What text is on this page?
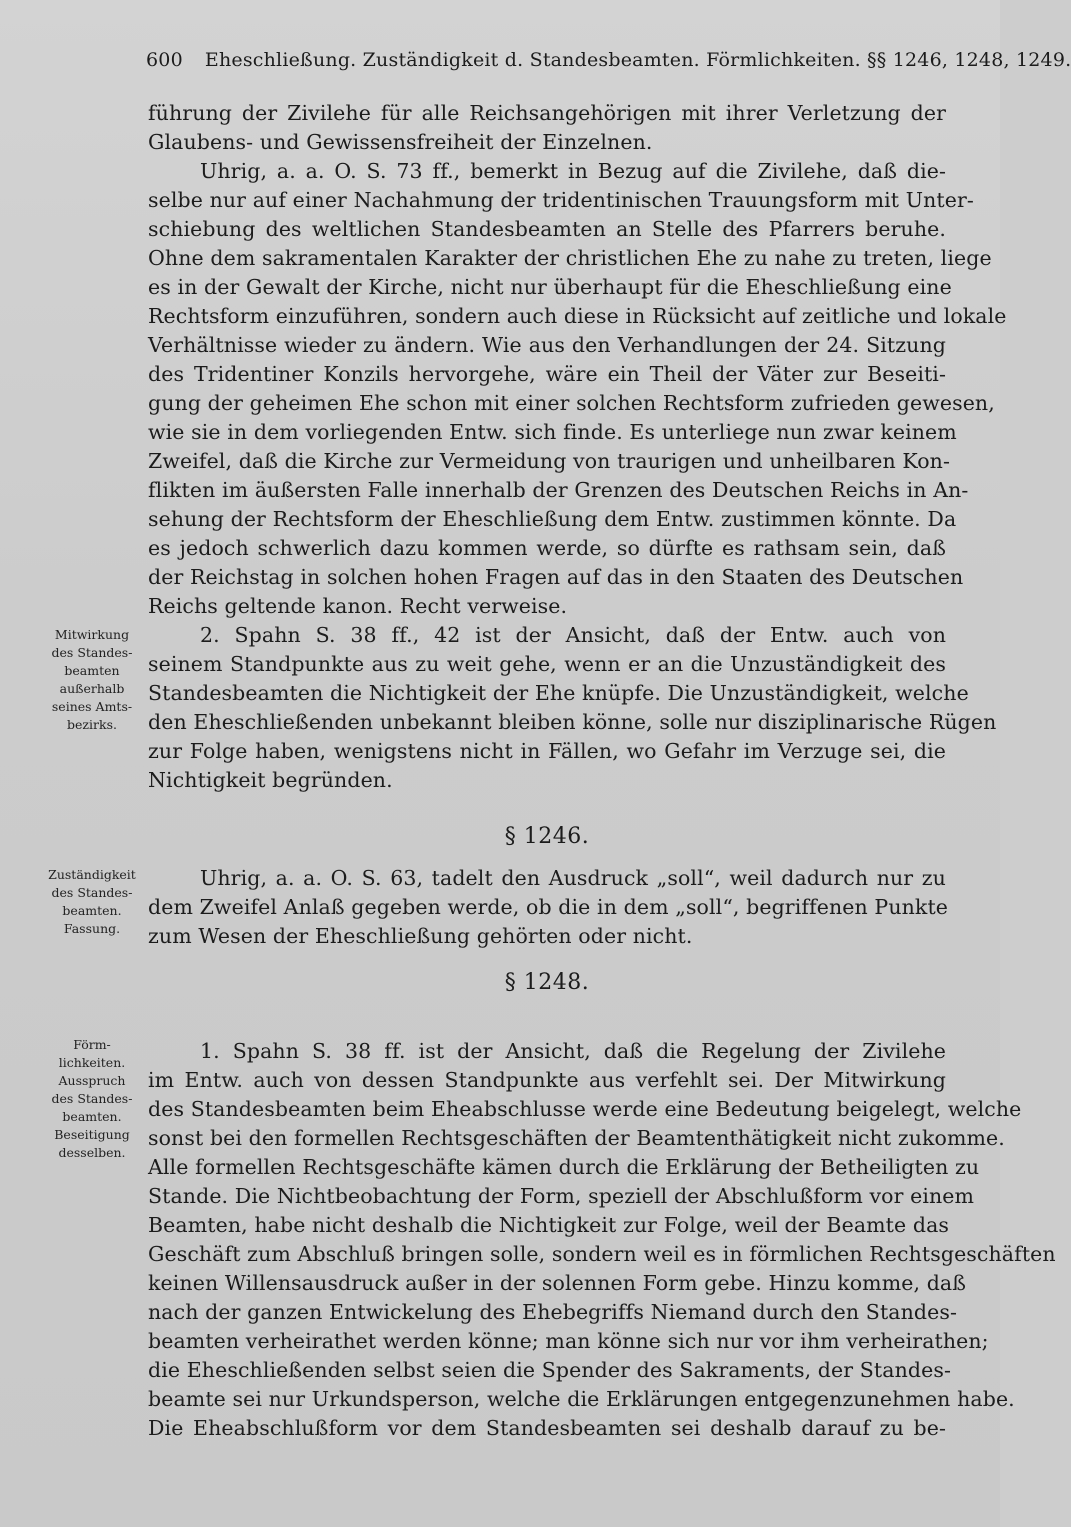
600 Eheschließung. Zuständigkeit d. Standesbeamten. Förmlichkeiten. §§ 1246, 1248, 1249.
führung der Zivilehe für alle Reichsangehörigen mit ihrer Verletzung der
Glaubens- und Gewissensfreiheit der Einzelnen.
Uhrig, a. a. O. S. 73 ff., bemerkt in Bezug auf die Zivilehe, daß die-
selbe nur auf einer Nachahmung der tridentinischen Trauungsform mit Unter-
schiebung des weltlichen Standesbeamten an Stelle des Pfarrers beruhe.
Ohne dem sakramentalen Karakter der christlichen Ehe zu nahe zu treten, liege
es in der Gewalt der Kirche, nicht nur überhaupt für die Eheschließung eine
Rechtsform einzuführen, sondern auch diese in Rücksicht auf zeitliche und lokale
Verhältnisse wieder zu ändern. Wie aus den Verhandlungen der 24. Sitzung
des Tridentiner Konzils hervorgehe, wäre ein Theil der Väter zur Beseiti-
gung der geheimen Ehe schon mit einer solchen Rechtsform zufrieden gewesen,
wie sie in dem vorliegenden Entw. sich finde. Es unterliege nun zwar keinem
Zweifel, daß die Kirche zur Vermeidung von traurigen und unheilbaren Kon-
flikten im äußersten Falle innerhalb der Grenzen des Deutschen Reichs in An-
sehung der Rechtsform der Eheschließung dem Entw. zustimmen könnte. Da
es jedoch schwerlich dazu kommen werde, so dürfte es rathsam sein, daß
der Reichstag in solchen hohen Fragen auf das in den Staaten des Deutschen
Reichs geltende kanon. Recht verweise.
2. Spahn S. 38 ff., 42 ist der Ansicht, daß der Entw. auch von
seinem Standpunkte aus zu weit gehe, wenn er an die Unzuständigkeit des
Standesbeamten die Nichtigkeit der Ehe knüpfe. Die Unzuständigkeit, welche
den Eheschließenden unbekannt bleiben könne, solle nur disziplinarische Rügen
zur Folge haben, wenigstens nicht in Fällen, wo Gefahr im Verzuge sei, die
Nichtigkeit begründen.
§ 1246.
Uhrig, a. a. O. S. 63, tadelt den Ausdruck „soll“, weil dadurch nur zu
dem Zweifel Anlaß gegeben werde, ob die in dem „soll“, begriffenen Punkte
zum Wesen der Eheschließung gehörten oder nicht.
§ 1248.
1. Spahn S. 38 ff. ist der Ansicht, daß die Regelung der Zivilehe
im Entw. auch von dessen Standpunkte aus verfehlt sei. Der Mitwirkung
des Standesbeamten beim Eheabschlusse werde eine Bedeutung beigelegt, welche
sonst bei den formellen Rechtsgeschäften der Beamtenthätigkeit nicht zukomme.
Alle formellen Rechtsgeschäfte kämen durch die Erklärung der Betheiligten zu
Stande. Die Nichtbeobachtung der Form, speziell der Abschlußform vor einem
Beamten, habe nicht deshalb die Nichtigkeit zur Folge, weil der Beamte das
Geschäft zum Abschluß bringen solle, sondern weil es in förmlichen Rechtsgeschäften
keinen Willensausdruck außer in der solennen Form gebe. Hinzu komme, daß
nach der ganzen Entwickelung des Ehebegriffs Niemand durch den Standes-
beamten verheirathet werden könne; man könne sich nur vor ihm verheirathen;
die Eheschließenden selbst seien die Spender des Sakraments, der Standes-
beamte sei nur Urkundsperson, welche die Erklärungen entgegenzunehmen habe.
Die Eheabschlußform vor dem Standesbeamten sei deshalb darauf zu be-
Mitwirkung
des Standes-
beamten
außerhalb
seines Amts-
bezirks.
Zuständigkeit
des Standes-
beamten.
Fassung.
Förm-
lichkeiten.
Ausspruch
des Standes-
beamten.
Beseitigung
desselben.
